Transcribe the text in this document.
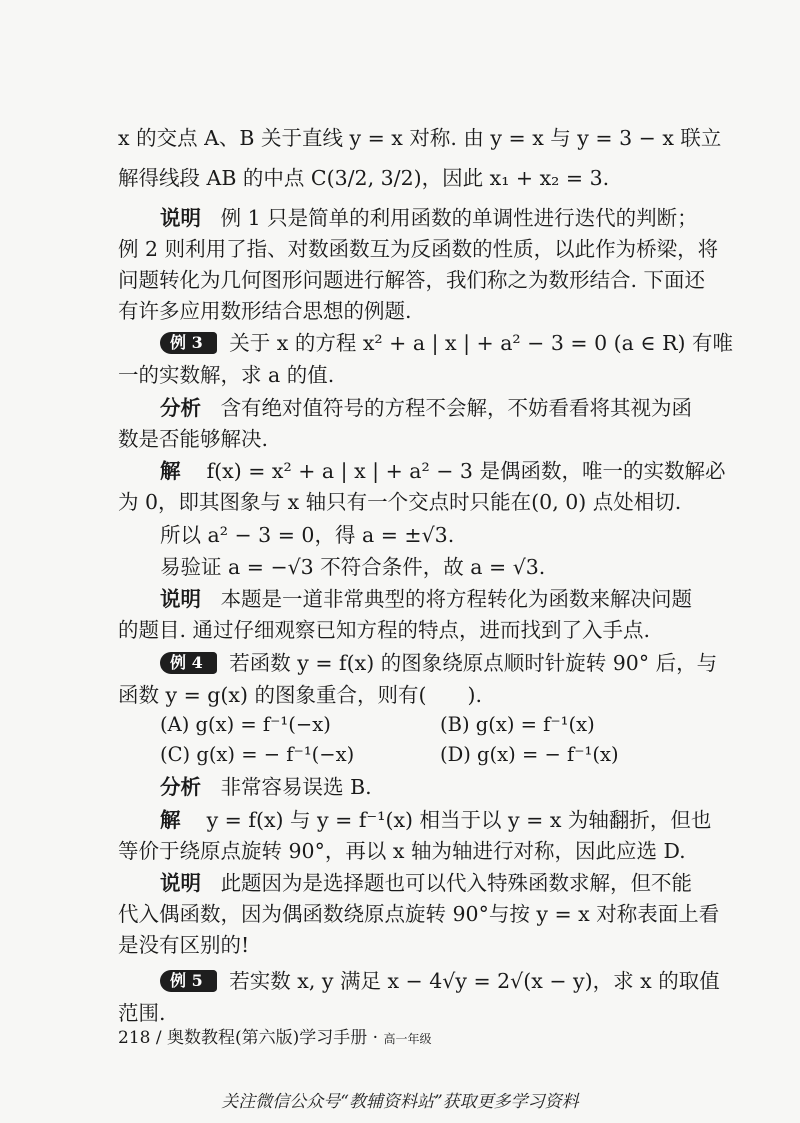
x 的交点 A、B 关于直线 y = x 对称. 由 y = x 与 y = 3 − x 联立
解得线段 AB 的中点 C(3/2, 3/2)，因此 x₁ + x₂ = 3.
说明 例 1 只是简单的利用函数的单调性进行迭代的判断；
例 2 则利用了指、对数函数互为反函数的性质，以此作为桥梁，将
问题转化为几何图形问题进行解答，我们称之为数形结合. 下面还
有许多应用数形结合思想的例题.
例 3 关于 x 的方程 x² + a | x | + a² − 3 = 0 (a ∈ R) 有唯
一的实数解，求 a 的值.
分析 含有绝对值符号的方程不会解，不妨看看将其视为函
数是否能够解决.
解 f(x) = x² + a | x | + a² − 3 是偶函数，唯一的实数解必
为 0，即其图象与 x 轴只有一个交点时只能在(0, 0) 点处相切.
所以 a² − 3 = 0，得 a = ±√3.
易验证 a = −√3 不符合条件，故 a = √3.
说明 本题是一道非常典型的将方程转化为函数来解决问题
的题目. 通过仔细观察已知方程的特点，进而找到了入手点.
例 4 若函数 y = f(x) 的图象绕原点顺时针旋转 90° 后，与
函数 y = g(x) 的图象重合，则有(　　).
(A) g(x) = f⁻¹(−x)	(B) g(x) = f⁻¹(x)
(C) g(x) = − f⁻¹(−x)	(D) g(x) = − f⁻¹(x)
分析 非常容易误选 B.
解 y = f(x) 与 y = f⁻¹(x) 相当于以 y = x 为轴翻折，但也
等价于绕原点旋转 90°，再以 x 轴为轴进行对称，因此应选 D.
说明 此题因为是选择题也可以代入特殊函数求解，但不能
代入偶函数，因为偶函数绕原点旋转 90°与按 y = x 对称表面上看
是没有区别的!
例 5 若实数 x, y 满足 x − 4√y = 2√(x − y)，求 x 的取值
范围.
218 / 奥数教程(第六版)学习手册 · 高一年级
关注微信公众号“教辅资料站”获取更多学习资料
